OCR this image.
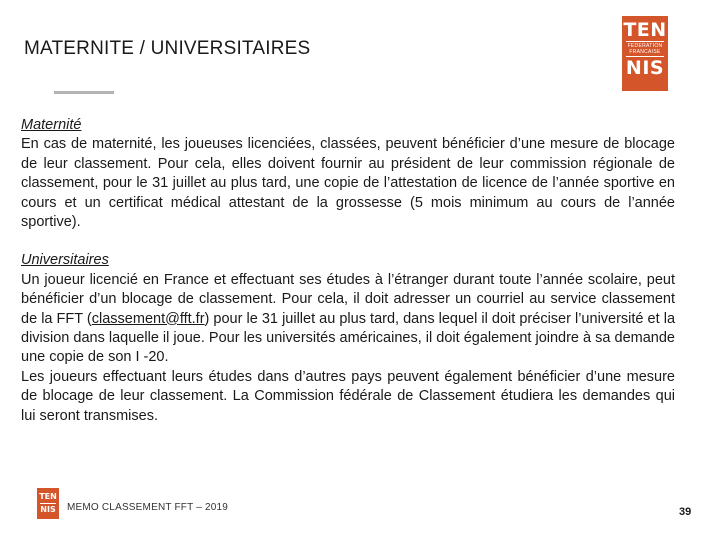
MATERNITE / UNIVERSITAIRES
TEN
FEDERATION FRANCAISE
NIS

Maternité

En cas de maternité, les joueuses licenciées, classées, peuvent bénéficier d’une mesure de blocage de leur classement. Pour cela, elles doivent fournir au président de leur commission régionale de classement, pour le 31 juillet au plus tard, une copie de l’attestation de licence de l’année sportive en cours et un certificat médical attestant de la grossesse (5 mois minimum au cours de l’année sportive).

Universitaires

Un joueur licencié en France et effectuant ses études à l’étranger durant toute l’année scolaire, peut bénéficier d’un blocage de classement. Pour cela, il doit adresser un courriel au service classement de la FFT (classement@fft.fr) pour le 31 juillet au plus tard, dans lequel il doit préciser l’université et la division dans laquelle il joue. Pour les universités américaines, il doit également joindre à sa demande une copie de son I -20.

Les joueurs effectuant leurs études dans d’autres pays peuvent également bénéficier d’une mesure de blocage de leur classement. La Commission fédérale de Classement étudiera les demandes qui lui seront transmises.

TEN
NIS MEMO CLASSEMENT FFT – 2019	39
